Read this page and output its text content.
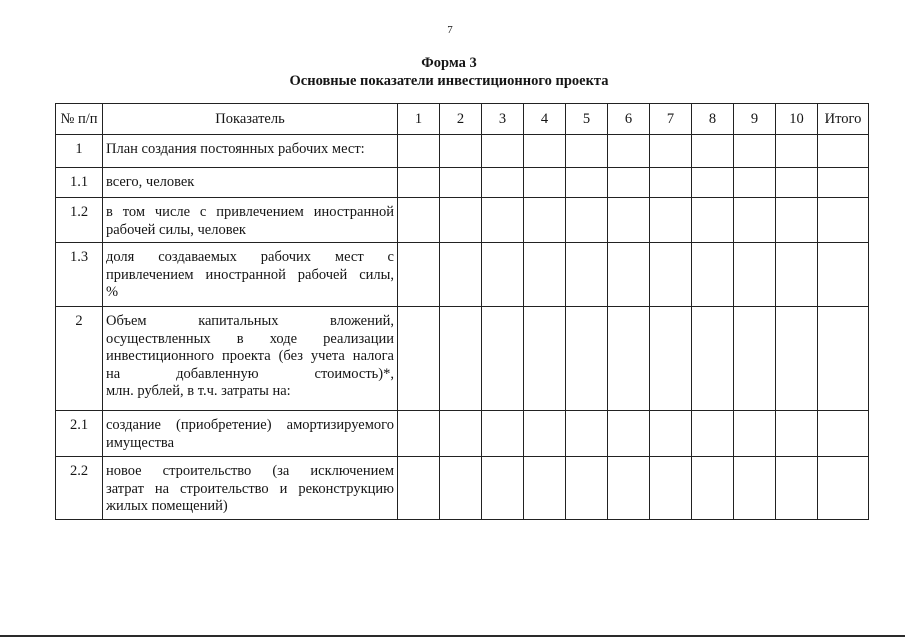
7
Форма 3
Основные показатели инвестиционного проекта
№ п/п	Показатель	1	2	3	4	5	6	7	8	9	10	Итого
1	План создания постоянных рабочих мест:											

1.1	всего, человек											

1.2	в том числе с привлечением иностранной
рабочей силы, человек											

1.3	доля создаваемых рабочих мест с
привлечением иностранной рабочей силы,
%											

2	Объем капитальных вложений,
осуществленных в ходе реализации
инвестиционного проекта (без учета налога
на добавленную стоимость)*,
млн. рублей, в т.ч. затраты на:											

2.1	создание (приобретение) амортизируемого
имущества											

2.2	новое строительство (за исключением
затрат на строительство и реконструкцию
жилых помещений)											
